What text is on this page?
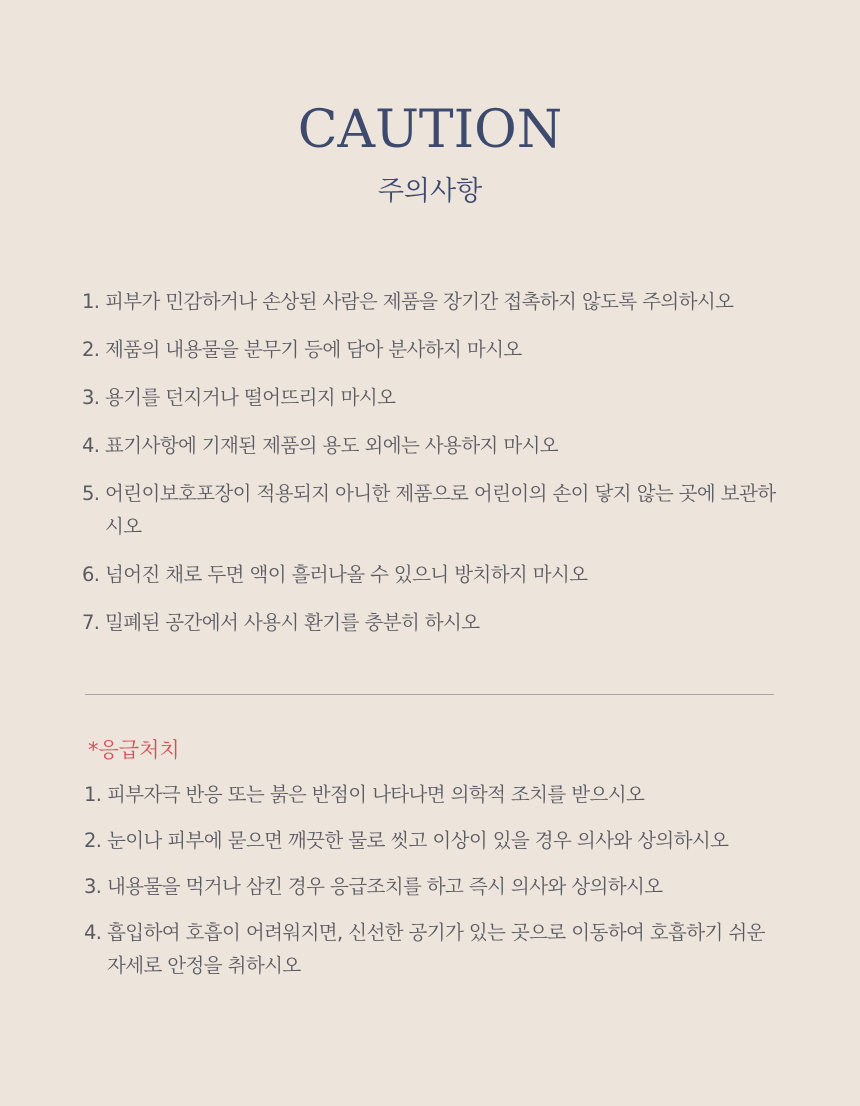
CAUTION
주의사항
1. 피부가 민감하거나 손상된 사람은 제품을 장기간 접촉하지 않도록 주의하시오
2. 제품의 내용물을 분무기 등에 담아 분사하지 마시오
3. 용기를 던지거나 떨어뜨리지 마시오
4. 표기사항에 기재된 제품의 용도 외에는 사용하지 마시오
5. 어린이보호포장이 적용되지 아니한 제품으로 어린이의 손이 닿지 않는 곳에 보관하시오
6. 넘어진 채로 두면 액이 흘러나올 수 있으니 방치하지 마시오
7. 밀폐된 공간에서 사용시 환기를 충분히 하시오
*응급처치
1. 피부자극 반응 또는 붉은 반점이 나타나면 의학적 조치를 받으시오
2. 눈이나 피부에 묻으면 깨끗한 물로 씻고 이상이 있을 경우 의사와 상의하시오
3. 내용물을 먹거나 삼킨 경우 응급조치를 하고 즉시 의사와 상의하시오
4. 흡입하여 호흡이 어려워지면, 신선한 공기가 있는 곳으로 이동하여 호흡하기 쉬운 자세로 안정을 취하시오
